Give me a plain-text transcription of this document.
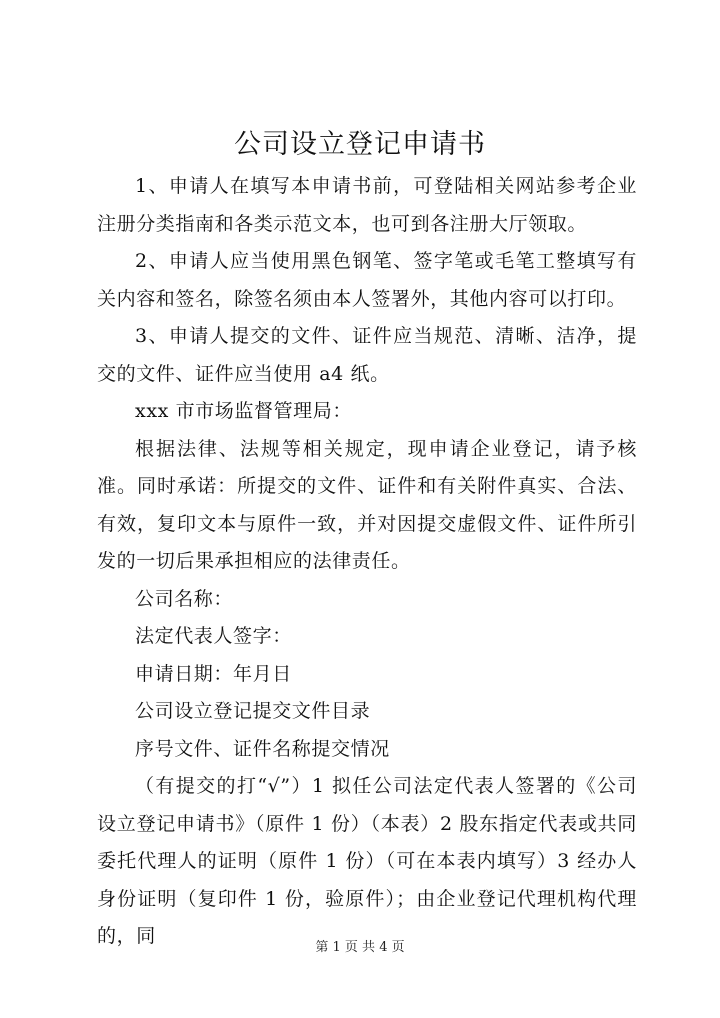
公司设立登记申请书

1、申请人在填写本申请书前，可登陆相关网站参考企业注册分类指南和各类示范文本，也可到各注册大厅领取。

2、申请人应当使用黑色钢笔、签字笔或毛笔工整填写有关内容和签名，除签名须由本人签署外，其他内容可以打印。

3、申请人提交的文件、证件应当规范、清晰、洁净，提交的文件、证件应当使用 a4 纸。

xxx 市市场监督管理局：

根据法律、法规等相关规定，现申请企业登记，请予核准。同时承诺：所提交的文件、证件和有关附件真实、合法、有效，复印文本与原件一致，并对因提交虚假文件、证件所引发的一切后果承担相应的法律责任。

公司名称：

法定代表人签字：

申请日期：年月日

公司设立登记提交文件目录

序号文件、证件名称提交情况

（有提交的打“√”）1 拟任公司法定代表人签署的《公司设立登记申请书》（原件 1 份）（本表）2 股东指定代表或共同委托代理人的证明（原件 1 份）（可在本表内填写）3 经办人身份证明（复印件 1 份，验原件）；由企业登记代理机构代理的，同

第 1 页 共 4 页
